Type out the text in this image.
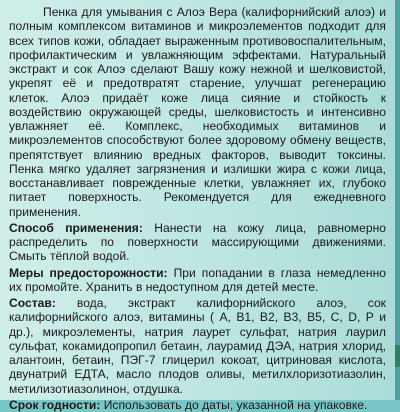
Пенка для умывания с Алоэ Вера (калифорнийский алоэ) и полным комплексом витаминов и микроэлементов подходит для всех типов кожи, обладает выраженным противовоспалительным, профилактическим и увлажняющим эффектами. Натуральный экстракт и сок Алоэ сделают Вашу кожу нежной и шелковистой, укрепят её и предотвратят старение, улучшат регенерацию клеток. Алоэ придаёт коже лица сияние и стойкость к воздействию окружающей среды, шелковистость и интенсивно увлажняет её. Комплекс, необходимых витаминов и микроэлементов способствуют более здоровому обмену веществ, препятствует влиянию вредных факторов, выводит токсины. Пенка мягко удаляет загрязнения и излишки жира с кожи лица, восстанавливает поврежденные клетки, увлажняет их, глубоко питает поверхность. Рекомендуется для ежедневного применения.

Способ применения: Нанести на кожу лица, равномерно распределить по поверхности массирующими движениями. Смыть тёплой водой.

Меры предосторожности: При попадании в глаза немедленно их промойте. Хранить в недоступном для детей месте.

Состав: вода, экстракт калифорнийского алоэ, сок калифорнийского алоэ, витамины ( А, В1, В2, В3, В5, С, D, Р и др.), микроэлементы, натрия лаурет сульфат, натрия лаурил сульфат, кокамидопропил бетаин, лаурамид ДЭА, натрия хлорид, алантоин, бетаин, ПЭГ-7 глицерил кокоат, цитриновая кислота, двунатрий ЕДТА, масло плодов оливы, метилхлоризотиазолин, метилизотиазолинон, отдушка.

Срок годности: Использовать до даты, указанной на упаковке.
